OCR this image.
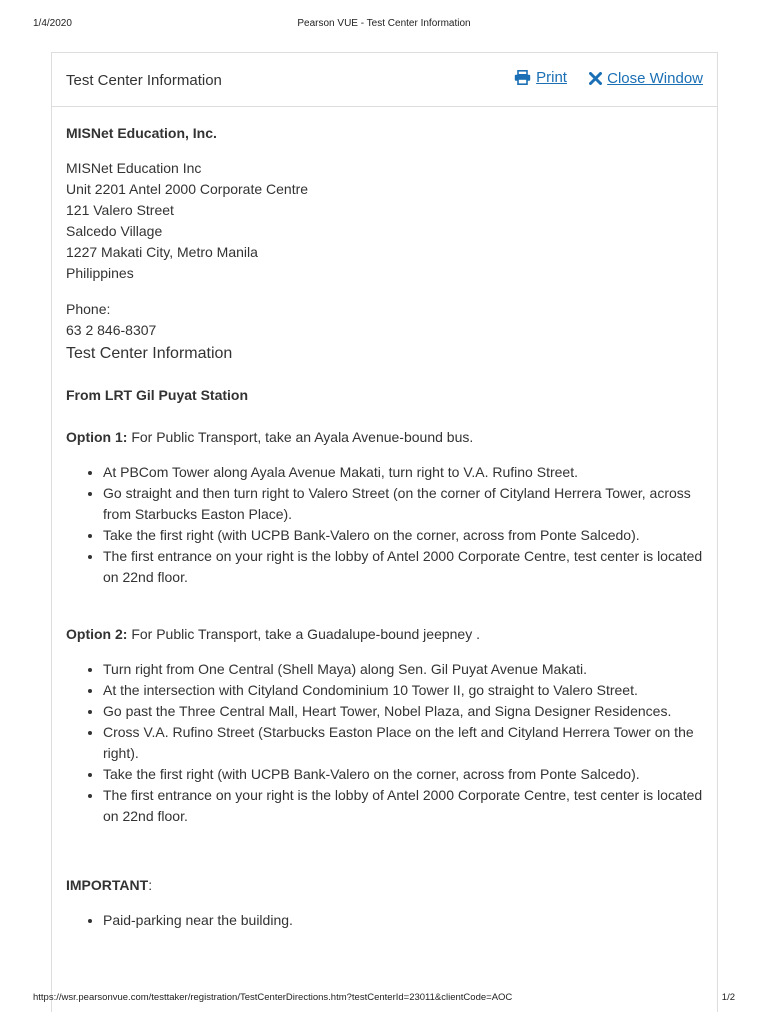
1/4/2020	Pearson VUE - Test Center Information
Test Center Information	Print
	Close Window
MISNet Education, Inc.
MISNet Education Inc
Unit 2201 Antel 2000 Corporate Centre
121 Valero Street
Salcedo Village
1227 Makati City, Metro Manila
Philippines
Phone:
63 2 846-8307
Test Center Information
From LRT Gil Puyat Station
Option 1: For Public Transport, take an Ayala Avenue-bound bus.
• At PBCom Tower along Ayala Avenue Makati, turn right to V.A. Rufino Street.
• Go straight and then turn right to Valero Street (on the corner of Cityland Herrera Tower, across from Starbucks Easton Place).
• Take the first right (with UCPB Bank-Valero on the corner, across from Ponte Salcedo).
• The first entrance on your right is the lobby of Antel 2000 Corporate Centre, test center is located on 22nd floor.
Option 2: For Public Transport, take a Guadalupe-bound jeepney .
• Turn right from One Central (Shell Maya) along Sen. Gil Puyat Avenue Makati.
• At the intersection with Cityland Condominium 10 Tower II, go straight to Valero Street.
• Go past the Three Central Mall, Heart Tower, Nobel Plaza, and Signa Designer Residences.
• Cross V.A. Rufino Street (Starbucks Easton Place on the left and Cityland Herrera Tower on the right).
• Take the first right (with UCPB Bank-Valero on the corner, across from Ponte Salcedo).
• The first entrance on your right is the lobby of Antel 2000 Corporate Centre, test center is located on 22nd floor.
IMPORTANT:
• Paid-parking near the building.
https://wsr.pearsonvue.com/testtaker/registration/TestCenterDirections.htm?testCenterId=23011&clientCode=AOC	1/2
